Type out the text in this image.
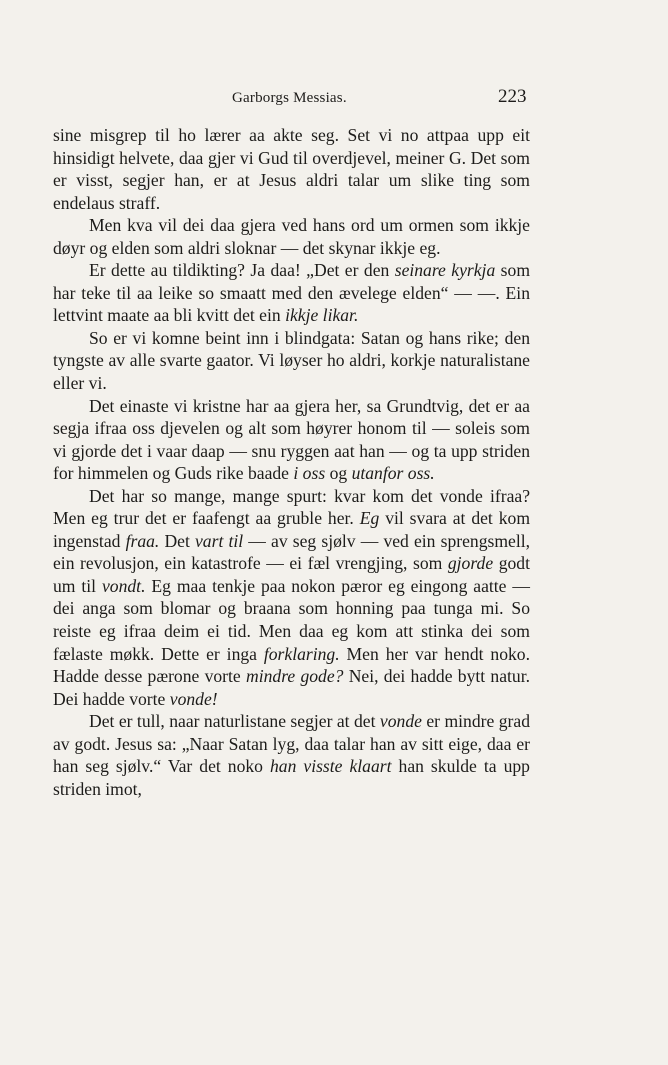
Garborgs Messias.	223

sine misgrep til ho lærer aa akte seg. Set vi no attpaa upp eit hinsidigt helvete, daa gjer vi Gud til overdjevel, meiner G. Det som er visst, segjer han, er at Jesus aldri talar um slike ting som endelaus straff.

Men kva vil dei daa gjera ved hans ord um ormen som ikkje døyr og elden som aldri sloknar — det skynar ikkje eg.

Er dette au tildikting? Ja daa! „Det er den seinare kyrkja som har teke til aa leike so smaatt med den ævelege elden“ — —. Ein lettvint maate aa bli kvitt det ein ikkje likar.

So er vi komne beint inn i blindgata: Satan og hans rike; den tyngste av alle svarte gaator. Vi løyser ho aldri, korkje naturalistane eller vi.

Det einaste vi kristne har aa gjera her, sa Grundtvig, det er aa segja ifraa oss djevelen og alt som høyrer honom til — soleis som vi gjorde det i vaar daap — snu ryggen aat han — og ta upp striden for himmelen og Guds rike baade i oss og utanfor oss.

Det har so mange, mange spurt: kvar kom det vonde ifraa? Men eg trur det er faafengt aa gruble her. Eg vil svara at det kom ingenstad fraa. Det vart til — av seg sjølv — ved ein sprengsmell, ein revolusjon, ein katastrofe — ei fæl vrengjing, som gjorde godt um til vondt. Eg maa tenkje paa nokon pæror eg eingong aatte — dei anga som blomar og braana som honning paa tunga mi. So reiste eg ifraa deim ei tid. Men daa eg kom att stinka dei som fælaste møkk. Dette er inga forklaring. Men her var hendt noko. Hadde desse pærone vorte mindre gode? Nei, dei hadde bytt natur. Dei hadde vorte vonde!

Det er tull, naar naturlistane segjer at det vonde er mindre grad av godt. Jesus sa: „Naar Satan lyg, daa talar han av sitt eige, daa er han seg sjølv.“ Var det noko han visste klaart han skulde ta upp striden imot,
